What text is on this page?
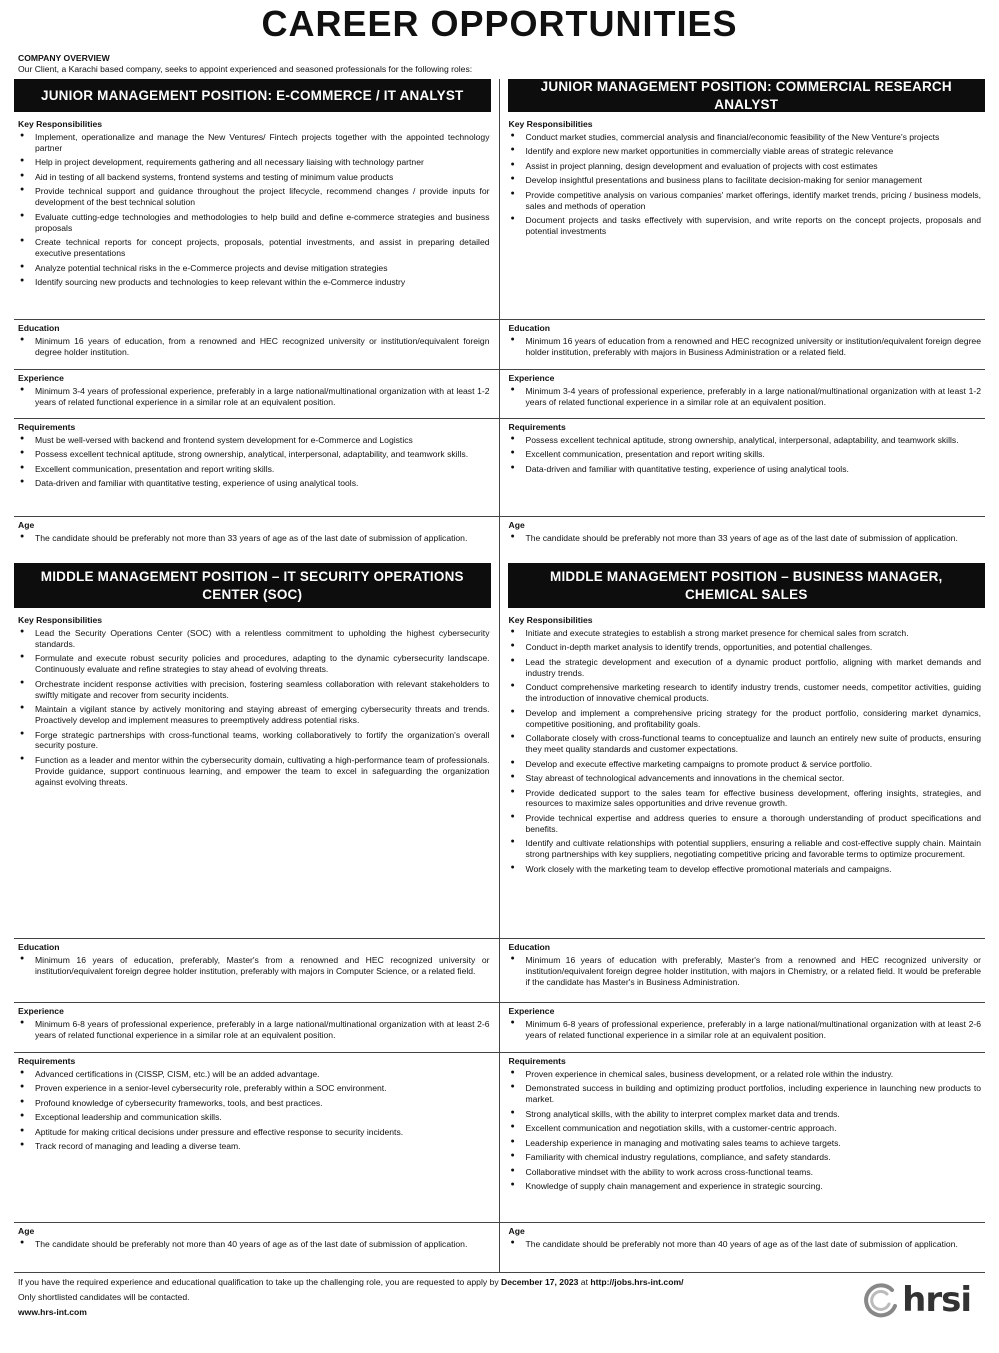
CAREER OPPORTUNITIES
COMPANY OVERVIEW
Our Client, a Karachi based company, seeks to appoint experienced and seasoned professionals for the following roles:
JUNIOR MANAGEMENT POSITION: E-COMMERCE / IT ANALYST
JUNIOR MANAGEMENT POSITION: COMMERCIAL RESEARCH ANALYST
Key Responsibilities
● Implement, operationalize and manage the New Ventures/ Fintech projects together with the appointed technology partner
● Help in project development, requirements gathering and all necessary liaising with technology partner
● Aid in testing of all backend systems, frontend systems and testing of minimum value products
● Provide technical support and guidance throughout the project lifecycle, recommend changes / provide inputs for development of the best technical solution
● Evaluate cutting-edge technologies and methodologies to help build and define e-commerce strategies and business proposals
● Create technical reports for concept projects, proposals, potential investments, and assist in preparing detailed executive presentations
● Analyze potential technical risks in the e-Commerce projects and devise mitigation strategies
● Identify sourcing new products and technologies to keep relevant within the e-Commerce industry
Key Responsibilities
● Conduct market studies, commercial analysis and financial/economic feasibility of the New Venture's projects
● Identify and explore new market opportunities in commercially viable areas of strategic relevance
● Assist in project planning, design development and evaluation of projects with cost estimates
● Develop insightful presentations and business plans to facilitate decision-making for senior management
● Provide competitive analysis on various companies' market offerings, identify market trends, pricing / business models, sales and methods of operation
● Document projects and tasks effectively with supervision, and write reports on the concept projects, proposals and potential investments
Education
● Minimum 16 years of education, from a renowned and HEC recognized university or institution/equivalent foreign degree holder institution.
Education
● Minimum 16 years of education from a renowned and HEC recognized university or institution/equivalent foreign degree holder institution, preferably with majors in Business Administration or a related field.
Experience
● Minimum 3-4 years of professional experience, preferably in a large national/multinational organization with at least 1-2 years of related functional experience in a similar role at an equivalent position.
Experience
● Minimum 3-4 years of professional experience, preferably in a large national/multinational organization with at least 1-2 years of related functional experience in a similar role at an equivalent position.
Requirements
● Must be well-versed with backend and frontend system development for e-Commerce and Logistics
● Possess excellent technical aptitude, strong ownership, analytical, interpersonal, adaptability, and teamwork skills.
● Excellent communication, presentation and report writing skills.
● Data-driven and familiar with quantitative testing, experience of using analytical tools.
Requirements
● Possess excellent technical aptitude, strong ownership, analytical, interpersonal, adaptability, and teamwork skills.
● Excellent communication, presentation and report writing skills.
● Data-driven and familiar with quantitative testing, experience of using analytical tools.
Age
● The candidate should be preferably not more than 33 years of age as of the last date of submission of application.
Age
● The candidate should be preferably not more than 33 years of age as of the last date of submission of application.
MIDDLE MANAGEMENT POSITION – IT SECURITY OPERATIONS
CENTER (SOC)
MIDDLE MANAGEMENT POSITION – BUSINESS MANAGER,
CHEMICAL SALES
Key Responsibilities
● Lead the Security Operations Center (SOC) with a relentless commitment to upholding the highest cybersecurity standards.
● Formulate and execute robust security policies and procedures, adapting to the dynamic cybersecurity landscape. Continuously evaluate and refine strategies to stay ahead of evolving threats.
● Orchestrate incident response activities with precision, fostering seamless collaboration with relevant stakeholders to swiftly mitigate and recover from security incidents.
● Maintain a vigilant stance by actively monitoring and staying abreast of emerging cybersecurity threats and trends. Proactively develop and implement measures to preemptively address potential risks.
● Forge strategic partnerships with cross-functional teams, working collaboratively to fortify the organization's overall security posture.
● Function as a leader and mentor within the cybersecurity domain, cultivating a high-performance team of professionals. Provide guidance, support continuous learning, and empower the team to excel in safeguarding the organization against evolving threats.
Key Responsibilities
● Initiate and execute strategies to establish a strong market presence for chemical sales from scratch.
● Conduct in-depth market analysis to identify trends, opportunities, and potential challenges.
● Lead the strategic development and execution of a dynamic product portfolio, aligning with market demands and industry trends.
● Conduct comprehensive marketing research to identify industry trends, customer needs, competitor activities, guiding the introduction of innovative chemical products.
● Develop and implement a comprehensive pricing strategy for the product portfolio, considering market dynamics, competitive positioning, and profitability goals.
● Collaborate closely with cross-functional teams to conceptualize and launch an entirely new suite of products, ensuring they meet quality standards and customer expectations.
● Develop and execute effective marketing campaigns to promote product & service portfolio.
● Stay abreast of technological advancements and innovations in the chemical sector.
● Provide dedicated support to the sales team for effective business development, offering insights, strategies, and resources to maximize sales opportunities and drive revenue growth.
● Provide technical expertise and address queries to ensure a thorough understanding of product specifications and benefits.
● Identify and cultivate relationships with potential suppliers, ensuring a reliable and cost-effective supply chain. Maintain strong partnerships with key suppliers, negotiating competitive pricing and favorable terms to optimize procurement.
● Work closely with the marketing team to develop effective promotional materials and campaigns.
Education
● Minimum 16 years of education, preferably, Master's from a renowned and HEC recognized university or institution/equivalent foreign degree holder institution, preferably with majors in Computer Science, or a related field.
Education
● Minimum 16 years of education with preferably, Master's from a renowned and HEC recognized university or institution/equivalent foreign degree holder institution, with majors in Chemistry, or a related field. It would be preferable if the candidate has Master's in Business Administration.
Experience
● Minimum 6-8 years of professional experience, preferably in a large national/multinational organization with at least 2-6 years of related functional experience in a similar role at an equivalent position.
Experience
● Minimum 6-8 years of professional experience, preferably in a large national/multinational organization with at least 2-6 years of related functional experience in a similar role at an equivalent position.
Requirements
● Advanced certifications in (CISSP, CISM, etc.) will be an added advantage.
● Proven experience in a senior-level cybersecurity role, preferably within a SOC environment.
● Profound knowledge of cybersecurity frameworks, tools, and best practices.
● Exceptional leadership and communication skills.
● Aptitude for making critical decisions under pressure and effective response to security incidents.
● Track record of managing and leading a diverse team.
Requirements
● Proven experience in chemical sales, business development, or a related role within the industry.
● Demonstrated success in building and optimizing product portfolios, including experience in launching new products to market.
● Strong analytical skills, with the ability to interpret complex market data and trends.
● Excellent communication and negotiation skills, with a customer-centric approach.
● Leadership experience in managing and motivating sales teams to achieve targets.
● Familiarity with chemical industry regulations, compliance, and safety standards.
● Collaborative mindset with the ability to work across cross-functional teams.
● Knowledge of supply chain management and experience in strategic sourcing.
Age
● The candidate should be preferably not more than 40 years of age as of the last date of submission of application.
Age
● The candidate should be preferably not more than 40 years of age as of the last date of submission of application.

If you have the required experience and educational qualification to take up the challenging role, you are requested to apply by December 17, 2023 at http://jobs.hrs-int.com/

Only shortlisted candidates will be contacted.

www.hrs-int.com	hrsi
